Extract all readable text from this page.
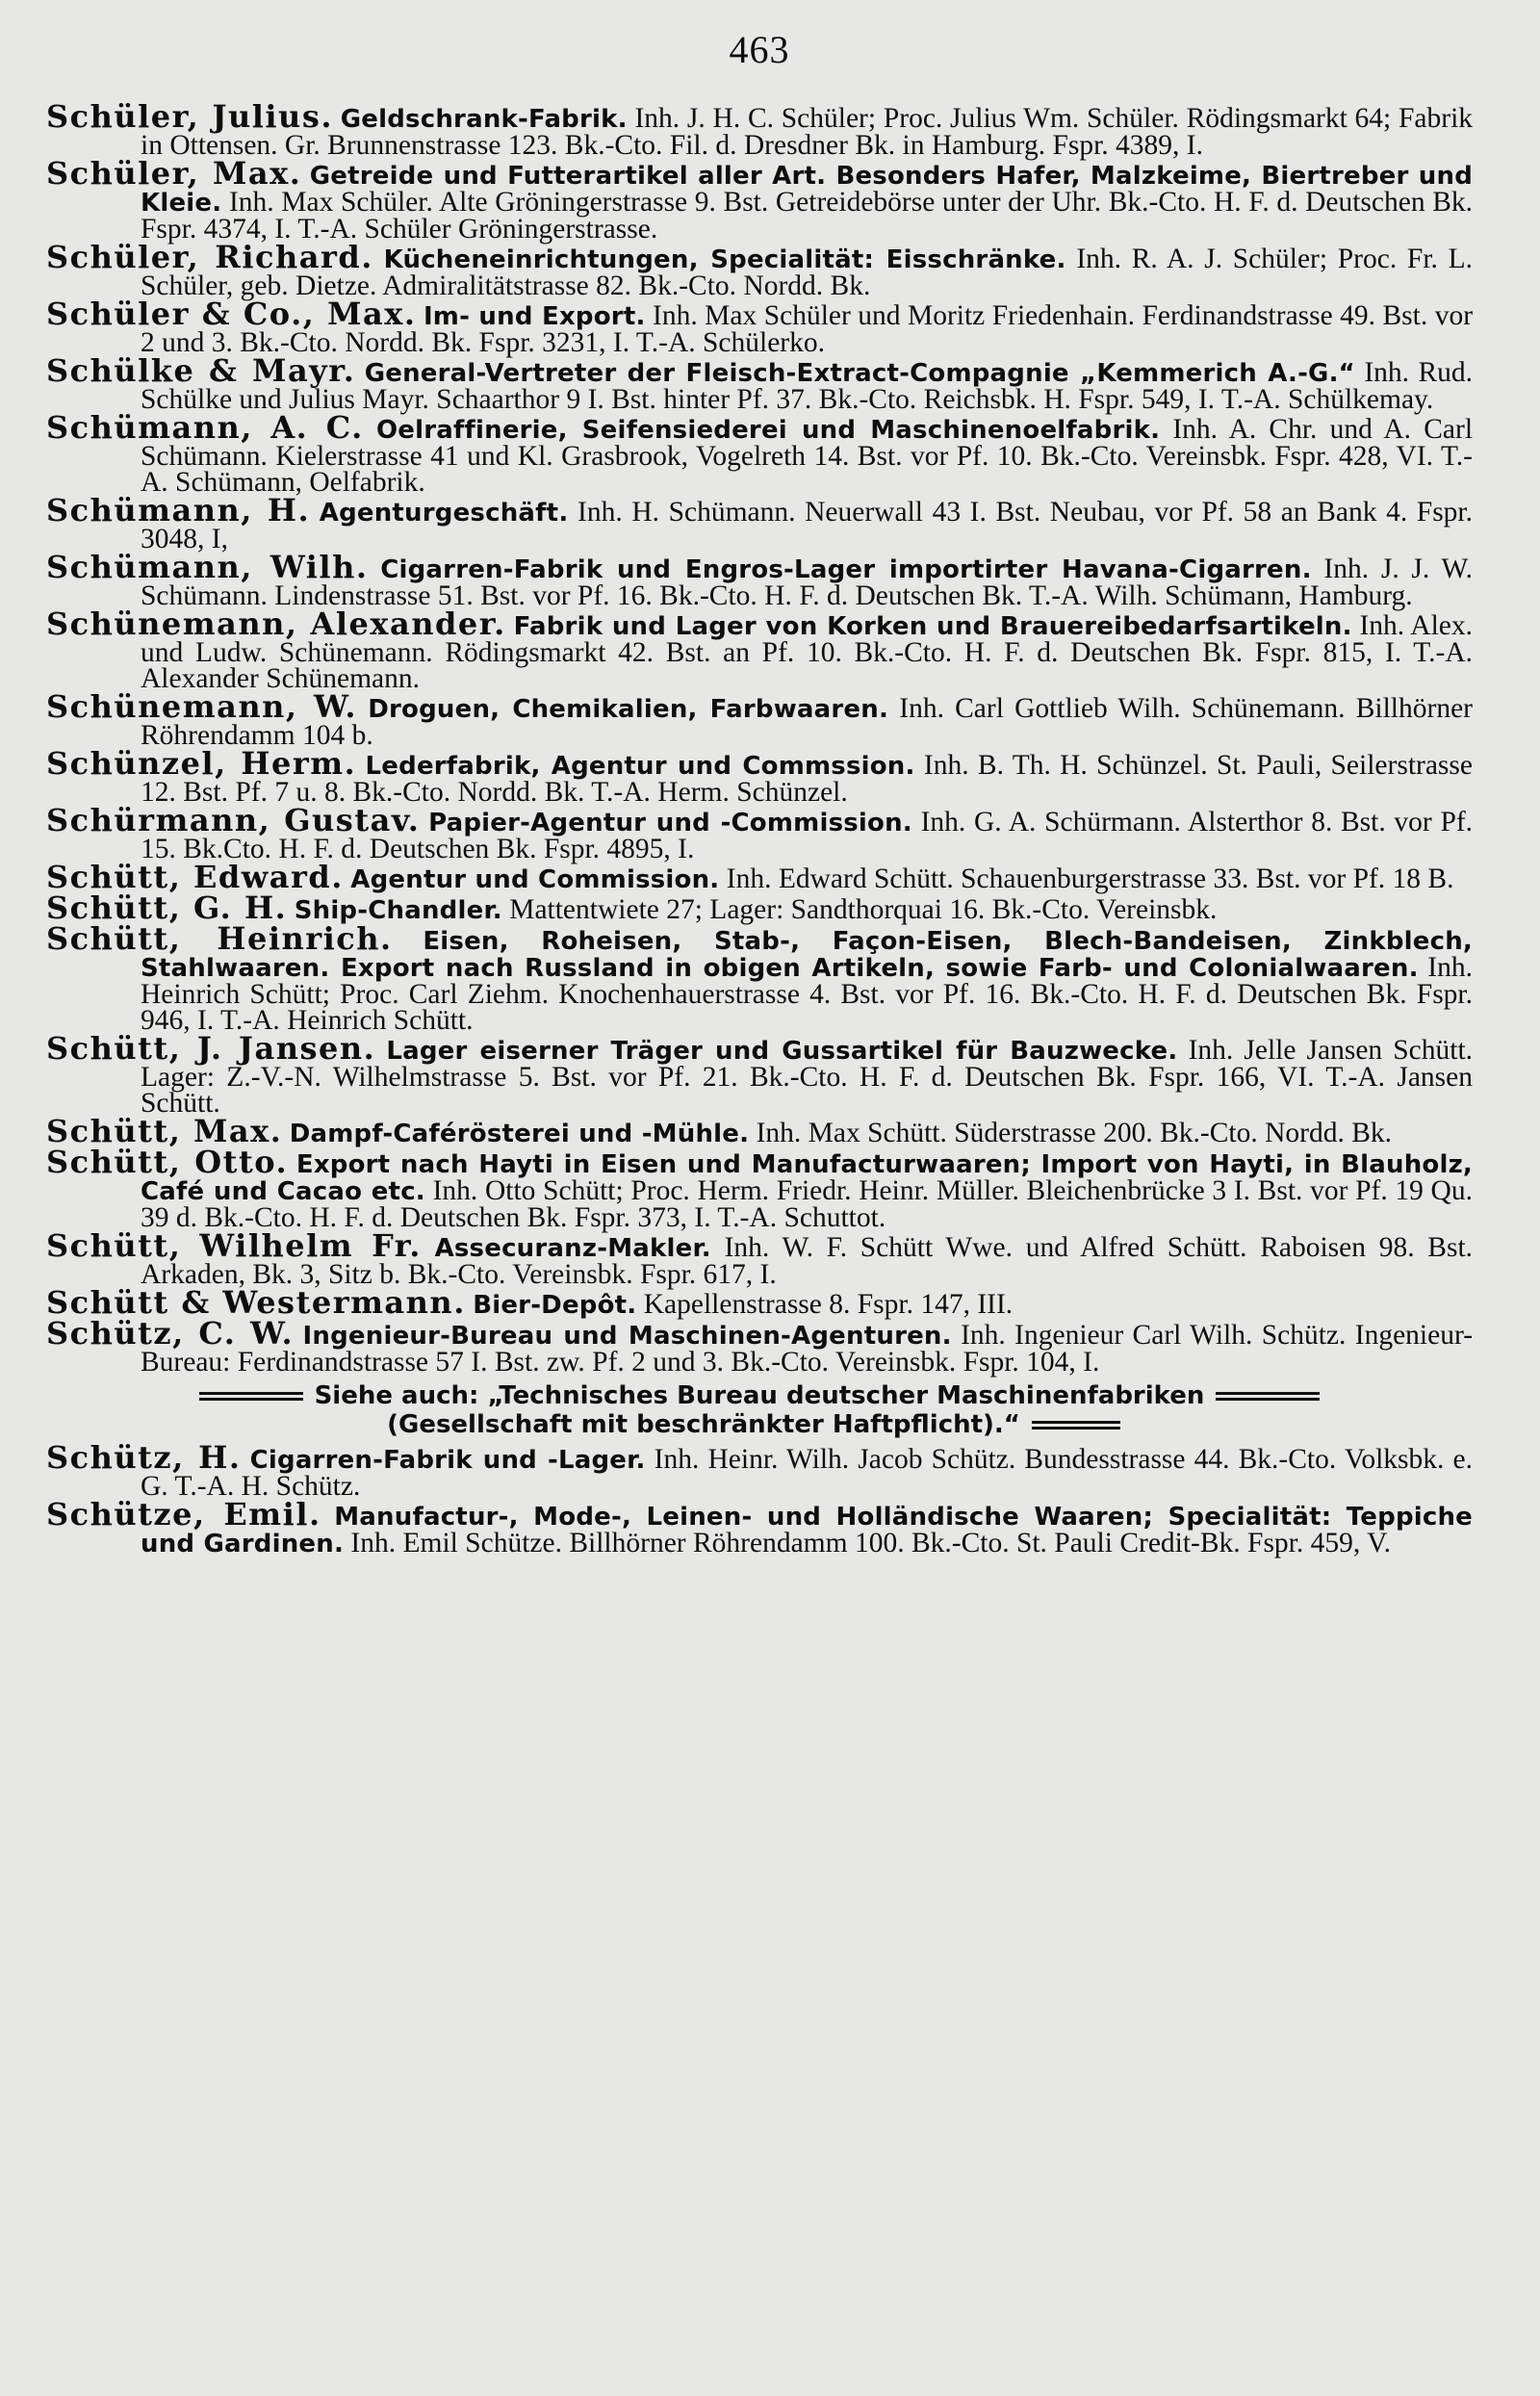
463

Schüler, Julius. Geldschrank-Fabrik. Inh. J. H. C. Schüler; Proc. Julius Wm. Schüler. Rödingsmarkt 64; Fabrik in Ottensen. Gr. Brunnenstrasse 123. Bk.-Cto. Fil. d. Dresdner Bk. in Hamburg. Fspr. 4389, I.

Schüler, Max. Getreide und Futterartikel aller Art. Besonders Hafer, Malzkeime, Biertreber und Kleie. Inh. Max Schüler. Alte Gröningerstrasse 9. Bst. Getreidebörse unter der Uhr. Bk.-Cto. H. F. d. Deutschen Bk. Fspr. 4374, I. T.-A. Schüler Gröningerstrasse.

Schüler, Richard. Kücheneinrichtungen, Specialität: Eisschränke. Inh. R. A. J. Schüler; Proc. Fr. L. Schüler, geb. Dietze. Admiralitätstrasse 82. Bk.-Cto. Nordd. Bk.

Schüler & Co., Max. Im- und Export. Inh. Max Schüler und Moritz Friedenhain. Ferdinandstrasse 49. Bst. vor 2 und 3. Bk.-Cto. Nordd. Bk. Fspr. 3231, I. T.-A. Schülerko.

Schülke & Mayr. General-Vertreter der Fleisch-Extract-Compagnie „Kemmerich A.-G.“ Inh. Rud. Schülke und Julius Mayr. Schaarthor 9 I. Bst. hinter Pf. 37. Bk.-Cto. Reichsbk. H. Fspr. 549, I. T.-A. Schülkemay.

Schümann, A. C. Oelraffinerie, Seifensiederei und Maschinenoelfabrik. Inh. A. Chr. und A. Carl Schümann. Kielerstrasse 41 und Kl. Grasbrook, Vogelreth 14. Bst. vor Pf. 10. Bk.-Cto. Vereinsbk. Fspr. 428, VI. T.-A. Schümann, Oelfabrik.

Schümann, H. Agenturgeschäft. Inh. H. Schümann. Neuerwall 43 I. Bst. Neubau, vor Pf. 58 an Bank 4. Fspr. 3048, I,

Schümann, Wilh. Cigarren-Fabrik und Engros-Lager importirter Havana-Cigarren. Inh. J. J. W. Schümann. Lindenstrasse 51. Bst. vor Pf. 16. Bk.-Cto. H. F. d. Deutschen Bk. T.-A. Wilh. Schümann, Hamburg.

Schünemann, Alexander. Fabrik und Lager von Korken und Brauereibedarfsartikeln. Inh. Alex. und Ludw. Schünemann. Rödingsmarkt 42. Bst. an Pf. 10. Bk.-Cto. H. F. d. Deutschen Bk. Fspr. 815, I. T.-A. Alexander Schünemann.

Schünemann, W. Droguen, Chemikalien, Farbwaaren. Inh. Carl Gottlieb Wilh. Schünemann. Billhörner Röhrendamm 104 b.

Schünzel, Herm. Lederfabrik, Agentur und Commssion. Inh. B. Th. H. Schünzel. St. Pauli, Seilerstrasse 12. Bst. Pf. 7 u. 8. Bk.-Cto. Nordd. Bk. T.-A. Herm. Schünzel.

Schürmann, Gustav. Papier-Agentur und -Commission. Inh. G. A. Schürmann. Alsterthor 8. Bst. vor Pf. 15. Bk.Cto. H. F. d. Deutschen Bk. Fspr. 4895, I.

Schütt, Edward. Agentur und Commission. Inh. Edward Schütt. Schauenburgerstrasse 33. Bst. vor Pf. 18 B.

Schütt, G. H. Ship-Chandler. Mattentwiete 27; Lager: Sandthorquai 16. Bk.-Cto. Vereinsbk.

Schütt, Heinrich. Eisen, Roheisen, Stab-, Façon-Eisen, Blech-Bandeisen, Zinkblech, Stahlwaaren. Export nach Russland in obigen Artikeln, sowie Farb- und Colonialwaaren. Inh. Heinrich Schütt; Proc. Carl Ziehm. Knochenhauerstrasse 4. Bst. vor Pf. 16. Bk.-Cto. H. F. d. Deutschen Bk. Fspr. 946, I. T.-A. Heinrich Schütt.

Schütt, J. Jansen. Lager eiserner Träger und Gussartikel für Bauzwecke. Inh. Jelle Jansen Schütt. Lager: Z.-V.-N. Wilhelmstrasse 5. Bst. vor Pf. 21. Bk.-Cto. H. F. d. Deutschen Bk. Fspr. 166, VI. T.-A. Jansen Schütt.

Schütt, Max. Dampf-Caférösterei und -Mühle. Inh. Max Schütt. Süderstrasse 200. Bk.-Cto. Nordd. Bk.

Schütt, Otto. Export nach Hayti in Eisen und Manufacturwaaren; Import von Hayti, in Blauholz, Café und Cacao etc. Inh. Otto Schütt; Proc. Herm. Friedr. Heinr. Müller. Bleichenbrücke 3 I. Bst. vor Pf. 19 Qu. 39 d. Bk.-Cto. H. F. d. Deutschen Bk. Fspr. 373, I. T.-A. Schuttot.

Schütt, Wilhelm Fr. Assecuranz-Makler. Inh. W. F. Schütt Wwe. und Alfred Schütt. Raboisen 98. Bst. Arkaden, Bk. 3, Sitz b. Bk.-Cto. Vereinsbk. Fspr. 617, I.

Schütt & Westermann. Bier-Depôt. Kapellenstrasse 8. Fspr. 147, III.

Schütz, C. W. Ingenieur-Bureau und Maschinen-Agenturen. Inh. Ingenieur Carl Wilh. Schütz. Ingenieur-Bureau: Ferdinandstrasse 57 I. Bst. zw. Pf. 2 und 3. Bk.-Cto. Vereinsbk. Fspr. 104, I.

Siehe auch: „Technisches Bureau deutscher Maschinenfabriken
(Gesellschaft mit beschränkter Haftpflicht).“

Schütz, H. Cigarren-Fabrik und -Lager. Inh. Heinr. Wilh. Jacob Schütz. Bundesstrasse 44. Bk.-Cto. Volksbk. e. G. T.-A. H. Schütz.

Schütze, Emil. Manufactur-, Mode-, Leinen- und Holländische Waaren; Specialität: Teppiche und Gardinen. Inh. Emil Schütze. Billhörner Röhrendamm 100. Bk.-Cto. St. Pauli Credit-Bk. Fspr. 459, V.
